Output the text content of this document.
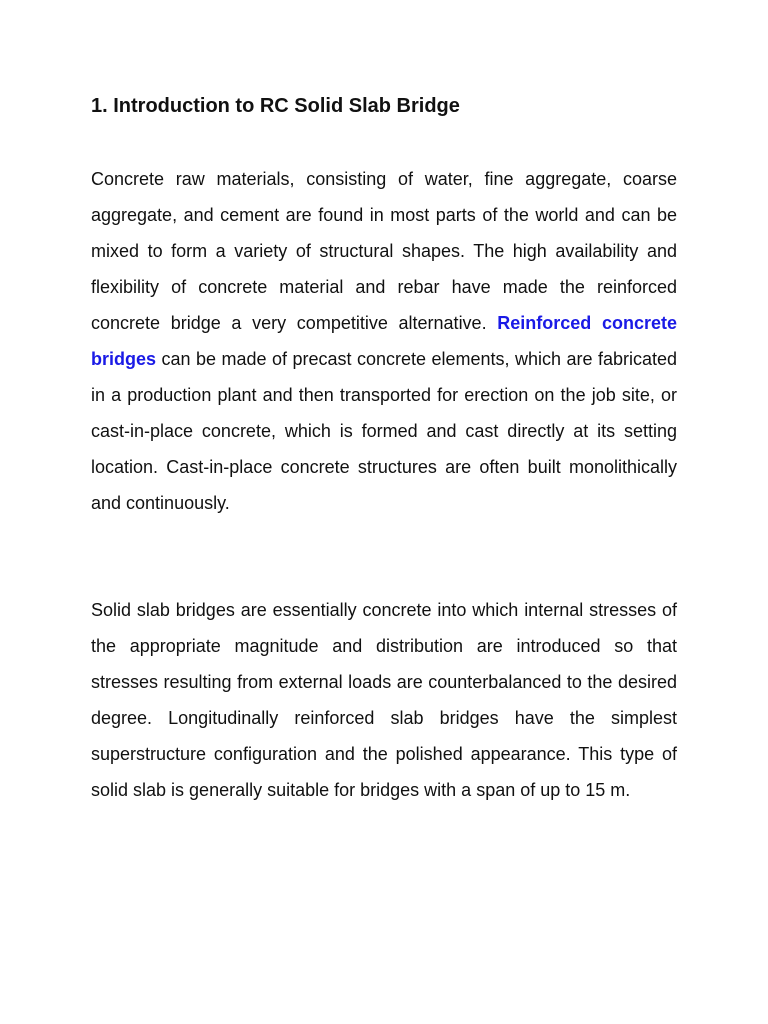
1. Introduction to RC Solid Slab Bridge

Concrete raw materials, consisting of water, fine aggregate, coarse aggregate, and cement are found in most parts of the world and can be mixed to form a variety of structural shapes. The high availability and flexibility of concrete material and rebar have made the reinforced concrete bridge a very competitive alternative. Reinforced concrete bridges can be made of precast concrete elements, which are fabricated in a production plant and then transported for erection on the job site, or cast-in-place concrete, which is formed and cast directly at its setting location. Cast-in-place concrete structures are often built monolithically and continuously.

Solid slab bridges are essentially concrete into which internal stresses of the appropriate magnitude and distribution are introduced so that stresses resulting from external loads are counterbalanced to the desired degree. Longitudinally reinforced slab bridges have the simplest superstructure configuration and the polished appearance. This type of solid slab is generally suitable for bridges with a span of up to 15 m.
